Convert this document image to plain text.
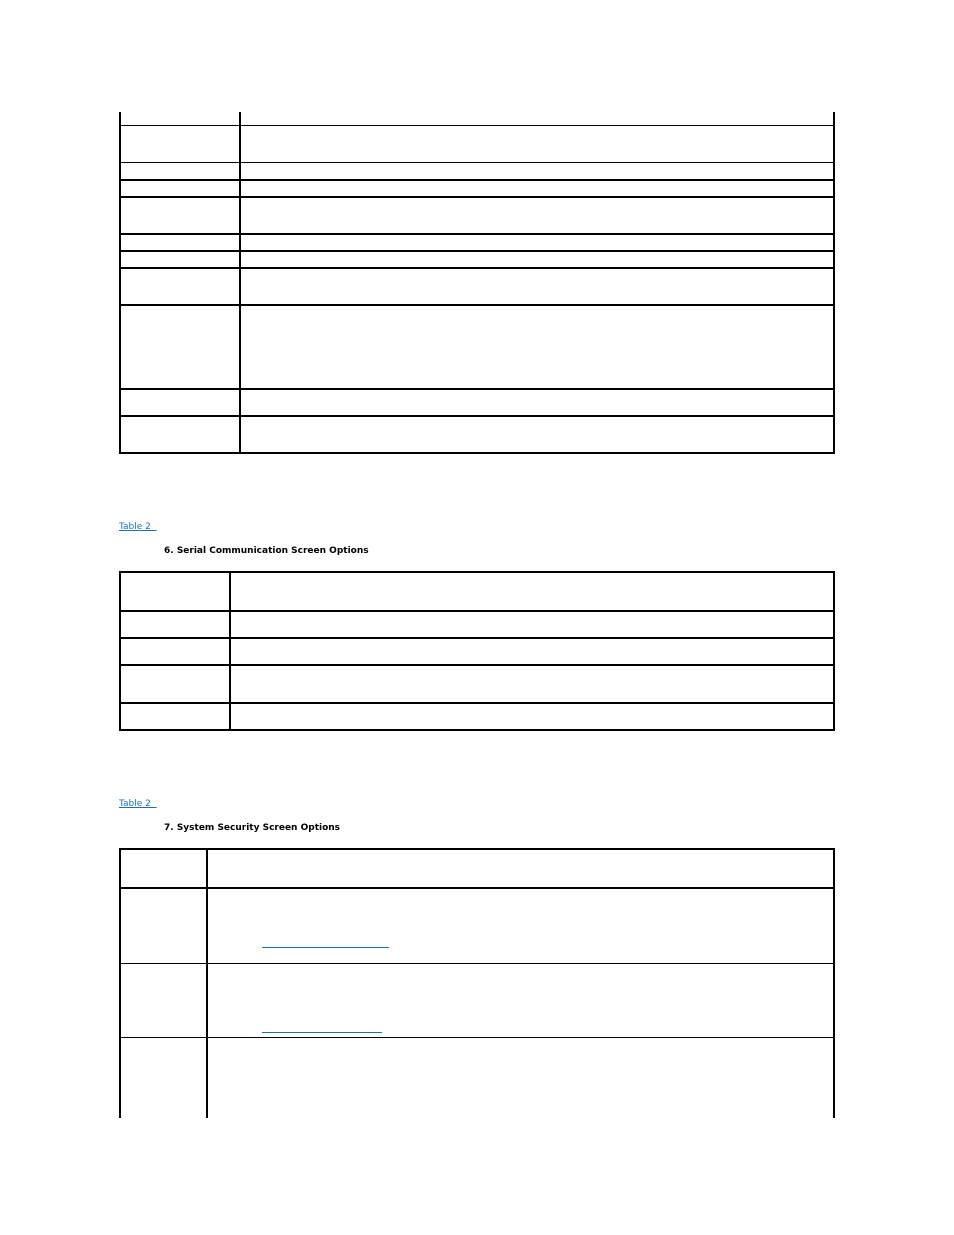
Table 2
6. Serial Communication Screen Options
Table 2
7. System Security Screen Options
